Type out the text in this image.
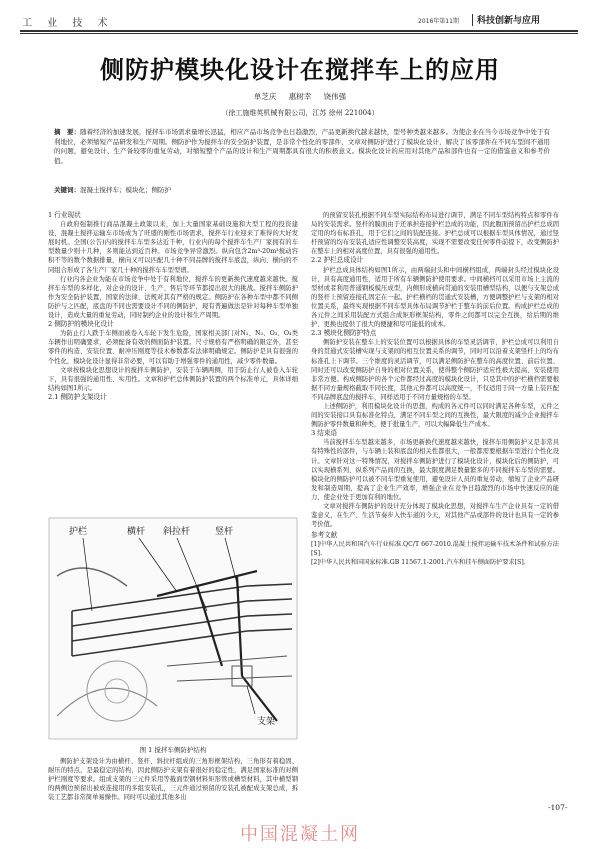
工 业 技 术	2016年第11期 科技创新与应用
侧防护模块化设计在搅拌车上的应用
单芝庆 惠树幸 饶伟强
（徐工施维英机械有限公司，江苏 徐州 221004）
摘　要：随着经济的加速发展，搅拌车市场需求量增长迅猛，相应产品市场竞争也日趋激烈，产品更新换代越来越快，型号种类越来越多。为使企业在当今市场竞争中处于有利地位，必须缩短产品研发和生产周期。侧防护作为搅拌车的安全防护装置，是非常个性化的零部件，文章对侧防护进行了模块化设计，解决了该零部件在不同车型间不通用的问题，避免设计、生产备较零的重复劳动，对缩短整个产品的设计和生产周期都具有很大的积极意义。模块化设计的应用对其他产品和部件也有一定的借鉴意义和参考价值。
关键词：混凝土搅拌车；模块化；侧防护
1 行业现状

自政府强制推行商品混凝土政策以来，加上大量国家基础设施和大型工程的投资建设，混凝土搅拌运输车市场成为了旺盛的刚性市场需求，搅拌车行业迎来了难得的大好发展时机。全国(公告)内的搅拌车车型多达近千种，行业内的每个搅拌车生产厂家拥有的车型数量少则十几种，多则能达到近百种。市场竞争异常激烈。纵向包含2m³-20m³搅动容积不等的数个数据排量，横向又可以匹配几十种不同品牌的搅拌车底盘，纵向、横向的不同组合形成了各生产厂家几十种的搅拌车车型型谱。

行业内各企业为能在市场竞争中处于有利地位，搅拌车的更新换代速度越来越快。搅拌车车型的多样化，对企业的设计、生产、售后等环节都提出很大的挑战。搅拌车侧防护作为安全防护装置，国家的法律、法规对其有严格的规定。侧防护在各种车型中都不同侧防护与之匹配，底盘的不同也需要设计不同的侧防护，现有普遍做法是针对每种车型单独设计，造成大量的重复劳动，同时制约企业的设计和生产周期。

2 侧防护的模块化设计

为防止行人跌于车侧而被卷入车轮下发生危险，国家相关部门对N₂、N₃、O₃、O₄类车辆作出明确要求，必须配备有效的侧面防护装置。尺寸规格有严格明确的限定外，甚至零件的构造、安装位置、耐冲压刚度等技术参数都有法律明确规定。侧防护是具有很强的个性化，模块化设计显得非常必要，可以有助于增强零件的通用性，减少零件数量。

文章按模块化思想设计的搅拌车侧防护，安装于车辆两侧，用于防止行人被卷入车轮下，具有很强的通用性、实用性。文章和护栏总体侧防护装置的两个标准单元，具体详细结构如图1所示。

2.1 侧防护支架设计
护栏	横杆 斜拉杆	竖杆
支架
图 1 搅拌车侧防护结构

侧防护支架设计为由横杆、竖杆、斜拉杆组成的三角形框架结构，三角形有着稳固、耐压的特点，是最稳定的结构，因此侧防护支架有着很好的稳定性，满足国家标准的对侧护栏刚度等要求。组成支架的三元件采用等截面型钢材料矩形管或槽型材料，其中横型钢的两侧边预留出被成连接用的多组安装孔，三元件通过预留的安装孔被配成支架总成，拆装工艺都非常简单易操作。同时可以通过其他多出

的预留安装孔根据不同车型实际结构布局进行调节，满足不同车型结构特点和零件布局的安装需求。竖杆的膜面由于还承担连接护栏总成的功能，因此腹面预留出护栏总成固定用的均布标准孔，用于它们之间的装配连接。护栏总成可以根据车型具体情况，通过竖杆预留的均布安装孔适应性调整安装高度，实现不需要改变任何零件前提下，改变侧防护在整车上的相对高度位置，具有很强的通用性。

2.2 护栏总成设计

护栏总成具体结构如图1所示，由两端封头和中间横档组成，两端封头经过模块化设计，具有高度通用性，适用于所有车辆侧防护使用要求。中间横档可以采用市场上主流的型材或者利用普通钢板模压成型，内侧形成横向贯通的安装用槽型结构，以便与支架总成的竖杆上预留连接孔固定在一起。护栏横档的贯通式安装槽，方便调整护栏与支架的相对位置关系，最终实现根据不同车型具体布局调节护栏于整车的前后位置。构成护栏总成的各元件之间采用装配方式组合成矩形框架结构，零件之间都可以完全互换，给后期的维护、更换也提供了很大的便捷和尽可能低的成本。

2.3 模块化侧防护特点

侧防护安装在整车上的安装位置可以根据具体的车型灵活调节，护栏总成可以利用自身的贯通式安装槽实现与支架间的相互位置关系的调节，同时可以沿着支架竖杆上的均布标准孔上下调节。三个维度的灵活调节，可以满足侧防护在整车的高度位置、前后位置、同时还可以改变侧防护自身的相对位置关系，使得整个侧防护适应性极大提高，安装使用非常方便。构成侧防护的各个元件都经过高度的模块化设计，只是其中的护栏横档需要根据不同方量规格截取不同长度，其他元件都可以高度统一，不仅适用于同一方量上装匹配不同品牌底盘的搅拌车，同样适用于不同方量规格的车型。

上述侧防护，利用模块化设计的思想，构成的各元件可以同时满足各种车型，元件之间的安装接口具有标准化特点，满足不同车型之间的互换性，最大限度的减少企业搅拌车侧防护零件数量和种类，便于批量生产，可以大幅降低生产成本。

3 结束语

当前搅拌车车型越来越多，市场更新换代速度越来越快，搅拌车用侧防护又是非常具有特殊性的部件，与车辆上装和底盘的相关性都很大，一般都需要根据车型进行个性化设计。文章针对这一特殊情况，对搅拌车侧防护进行了模块化设计，模块化后的侧防护，可以实现横系列、纵系列产品间的互换，最大限度满足数量繁多的不同搅拌车车型的需要。模块化的侧防护可以被不同车型重复使用，避免设计人员的重复劳动，缩短了企业产品研发和制造周期，提高了企业生产效率，增强企业在竞争日趋激烈的市场中快速反应的能力，使企业处于更加有利的地位。

文章对搅拌车侧防护的设计充分体现了模块化思想，对搅拌车生产企业具有一定的借鉴意义，在生产、生活节奏步入快车道的今天，对其他产品或部件的设计也具有一定的参考价值。

参考文献
[1]中华人民共和国汽车行业标准.QC/T 667-2010.混凝土搅拌运输车技术条件和试验方法[S].
[2]中华人民共和国国家标准.GB 11567.1-2001.汽车和挂车侧面防护要求[S].
-107-
中国混凝土网
